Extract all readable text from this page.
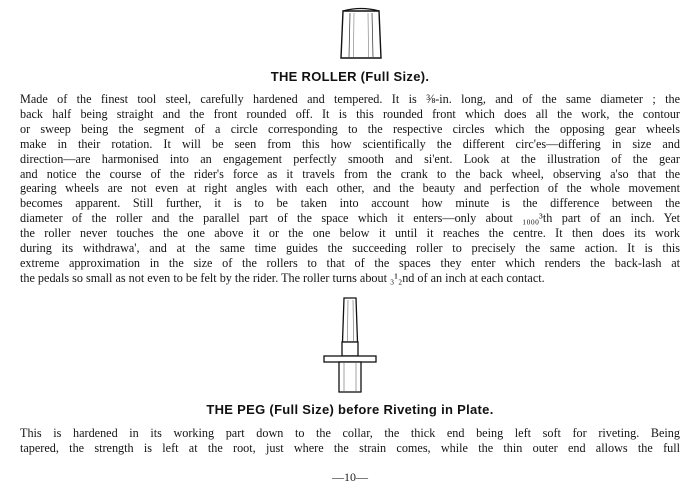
THE ROLLER (Full Size).
Made of the finest tool steel, carefully hardened and tempered. It is ⅜-in. long, and of the same diameter ; the
back half being straight and the front rounded off. It is this rounded front which does all the work, the contour
or sweep being the segment of a circle corresponding to the respective circles which the opposing gear wheels
make in their rotation. It will be seen from this how scientifically the different circ'es—differing in size and
direction—are harmonised into an engagement perfectly smooth and si'ent. Look at the illustration of the gear
and notice the course of the rider's force as it travels from the crank to the back wheel, observing a'so that the
gearing wheels are not even at right angles with each other, and the beauty and perfection of the whole movement
becomes apparent. Still further, it is to be taken into account how minute is the difference between the
diameter of the roller and the parallel part of the space which it enters—only about ₁₀₀₀³th part of an inch. Yet
the roller never touches the one above it or the one below it until it reaches the centre. It then does its work
during its withdrawa', and at the same time guides the succeeding roller to precisely the same action. It is this
extreme approximation in the size of the rollers to that of the spaces they enter which renders the back-lash at
the pedals so small as not even to be felt by the rider. The roller turns about ₃¹₂nd of an inch at each contact.
THE PEG (Full Size) before Riveting in Plate.
This is hardened in its working part down to the collar, the thick end being left soft for riveting. Being
tapered, the strength is left at the root, just where the strain comes, while the thin outer end allows the full
—10—
